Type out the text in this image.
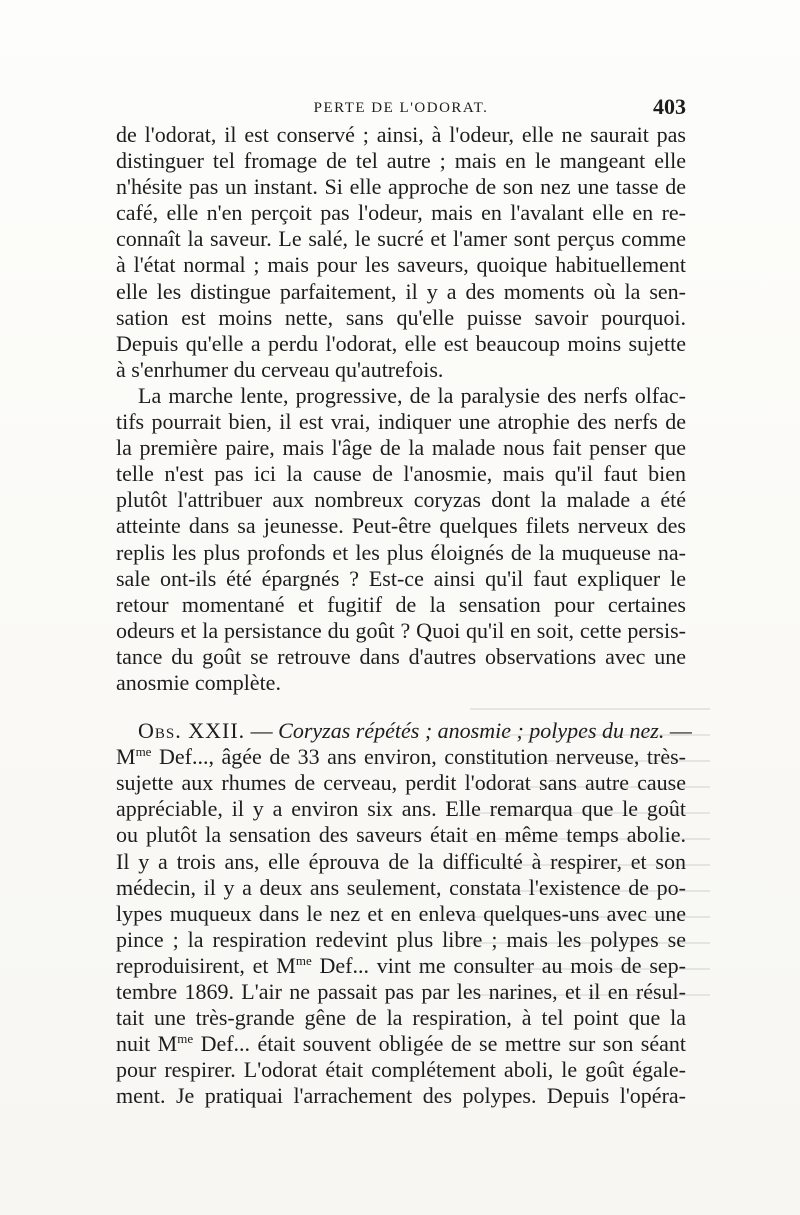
PERTE DE L'ODORAT.	403
de l'odorat, il est conservé ; ainsi, à l'odeur, elle ne saurait pas
distinguer tel fromage de tel autre ; mais en le mangeant elle
n'hésite pas un instant. Si elle approche de son nez une tasse de
café, elle n'en perçoit pas l'odeur, mais en l'avalant elle en re-
connaît la saveur. Le salé, le sucré et l'amer sont perçus comme
à l'état normal ; mais pour les saveurs, quoique habituellement
elle les distingue parfaitement, il y a des moments où la sen-
sation est moins nette, sans qu'elle puisse savoir pourquoi.
Depuis qu'elle a perdu l'odorat, elle est beaucoup moins sujette
à s'enrhumer du cerveau qu'autrefois.
La marche lente, progressive, de la paralysie des nerfs olfac-
tifs pourrait bien, il est vrai, indiquer une atrophie des nerfs de
la première paire, mais l'âge de la malade nous fait penser que
telle n'est pas ici la cause de l'anosmie, mais qu'il faut bien
plutôt l'attribuer aux nombreux coryzas dont la malade a été
atteinte dans sa jeunesse. Peut-être quelques filets nerveux des
replis les plus profonds et les plus éloignés de la muqueuse na-
sale ont-ils été épargnés ? Est-ce ainsi qu'il faut expliquer le
retour momentané et fugitif de la sensation pour certaines
odeurs et la persistance du goût ? Quoi qu'il en soit, cette persis-
tance du goût se retrouve dans d'autres observations avec une
anosmie complète.
Obs. XXII. — Coryzas répétés ; anosmie ; polypes du nez. —
$M^{me}$ Def..., âgée de 33 ans environ, constitution nerveuse, très-
sujette aux rhumes de cerveau, perdit l'odorat sans autre cause
appréciable, il y a environ six ans. Elle remarqua que le goût
ou plutôt la sensation des saveurs était en même temps abolie.
Il y a trois ans, elle éprouva de la difficulté à respirer, et son
médecin, il y a deux ans seulement, constata l'existence de po-
lypes muqueux dans le nez et en enleva quelques-uns avec une
pince ; la respiration redevint plus libre ; mais les polypes se
reproduisirent, et $M^{me}$ Def... vint me consulter au mois de sep-
tembre 1869. L'air ne passait pas par les narines, et il en résul-
tait une très-grande gêne de la respiration, à tel point que la
nuit $M^{me}$ Def... était souvent obligée de se mettre sur son séant
pour respirer. L'odorat était complétement aboli, le goût égale-
ment. Je pratiquai l'arrachement des polypes. Depuis l'opéra-
